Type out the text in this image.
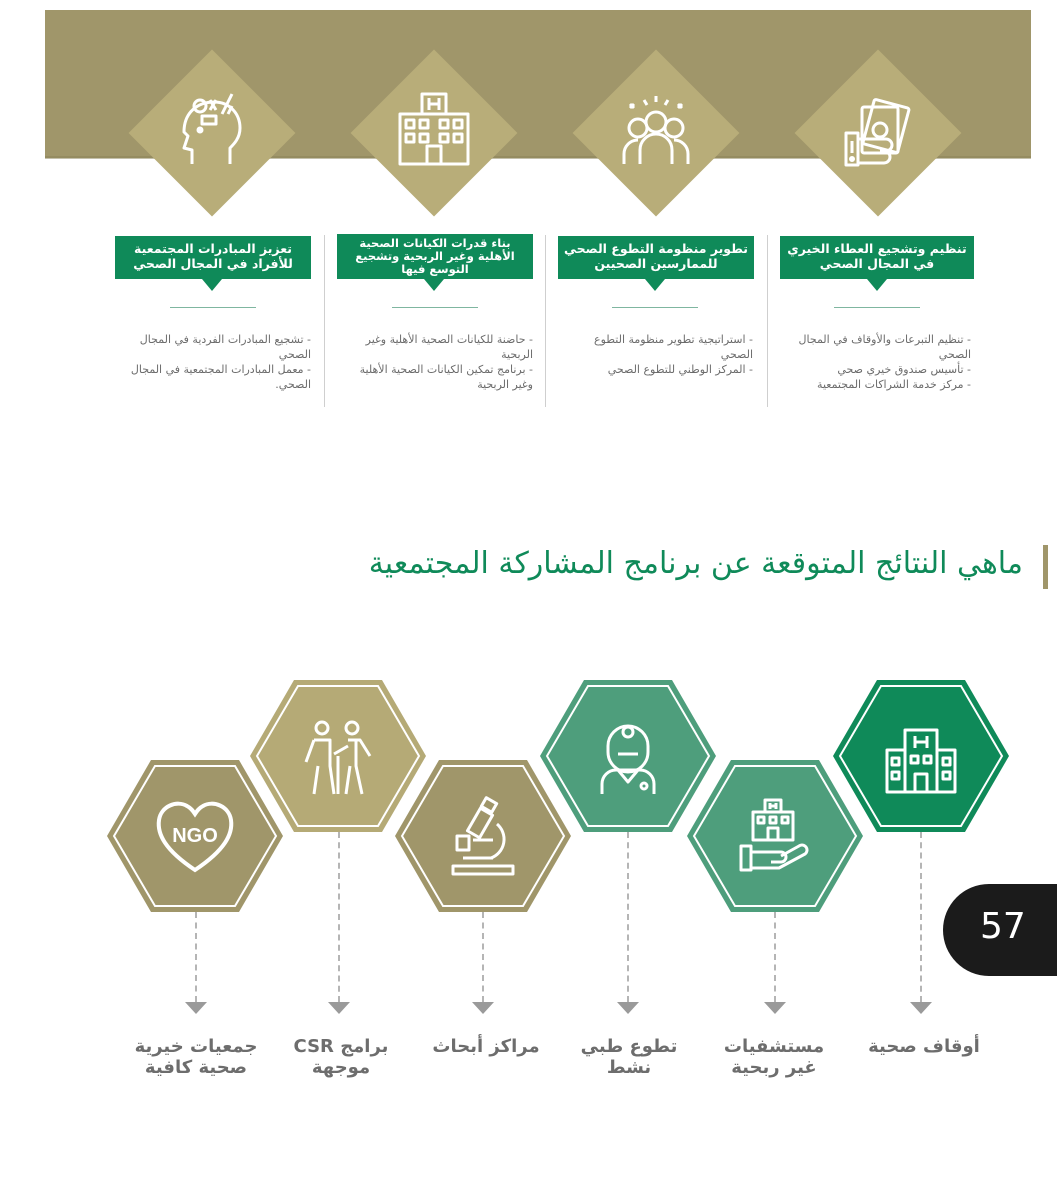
تنظيم وتشجيع العطاء الخيري في المجال الصحي
تطوير منظومة التطوع الصحي للممارسين الصحيين
بناء قدرات الكيانات الصحية الأهلية وغير الربحية وتشجيع التوسع فيها
تعزيز المبادرات المجتمعية للأفراد في المجال الصحي
- تنظيم التبرعات والأوقاف في المجال الصحي
- تأسيس صندوق خيري صحي
- مركز خدمة الشراكات المجتمعية
- استراتيجية تطوير منظومة التطوع الصحي
- المركز الوطني للتطوع الصحي
- حاضنة للكيانات الصحية الأهلية وغير الربحية
- برنامج تمكين الكيانات الصحية الأهلية وغير الربحية
- تشجيع المبادرات الفردية في المجال الصحي
- معمل المبادرات المجتمعية في المجال الصحي.
ماهي النتائج المتوقعة عن برنامج المشاركة المجتمعية
NGO
أوقاف صحية
مستشفيات
غير ربحية
تطوع طبي
نشط
مراكز أبحاث
برامج CSR
موجهة
جمعيات خيرية
صحية كافية
57
